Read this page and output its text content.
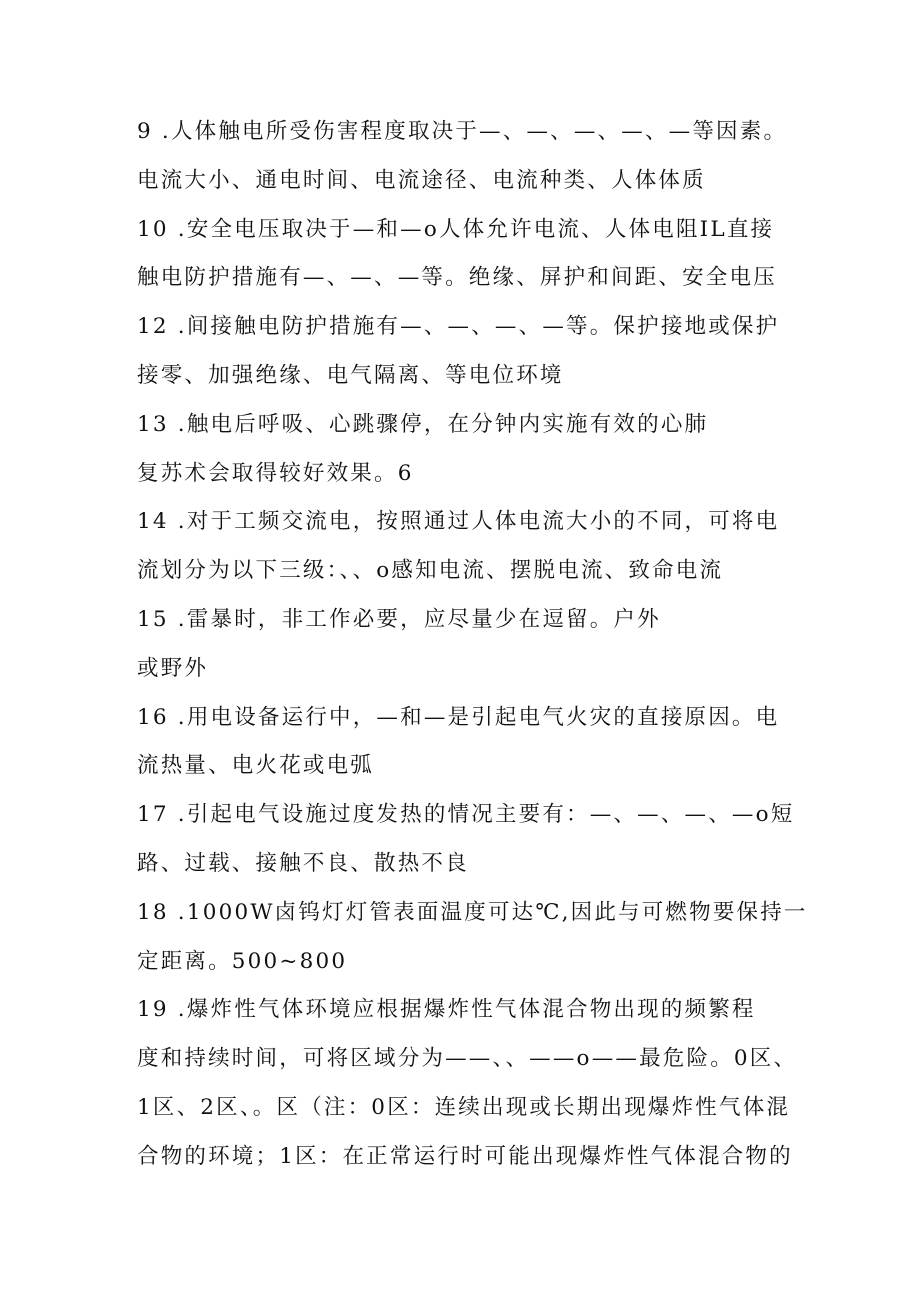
9 .人体触电所受伤害程度取决于—、—、—、—、—等因素。
电流大小、通电时间、电流途径、电流种类、人体体质
10 .安全电压取决于—和—o人体允许电流、人体电阻IL直接
触电防护措施有—、—、—等。绝缘、屏护和间距、安全电压
12 .间接触电防护措施有—、—、—、—等。保护接地或保护
接零、加强绝缘、电气隔离、等电位环境
13 .触电后呼吸、心跳骤停，在分钟内实施有效的心肺
复苏术会取得较好效果。6
14 .对于工频交流电，按照通过人体电流大小的不同，可将电
流划分为以下三级：、、o感知电流、摆脱电流、致命电流
15 .雷暴时，非工作必要，应尽量少在逗留。户外
或野外
16 .用电设备运行中，—和—是引起电气火灾的直接原因。电
流热量、电火花或电弧
17 .引起电气设施过度发热的情况主要有：—、—、—、—o短
路、过载、接触不良、散热不良
18 .1000W卤钨灯灯管表面温度可达℃,因此与可燃物要保持一
定距离。500~800
19 .爆炸性气体环境应根据爆炸性气体混合物出现的频繁程
度和持续时间，可将区域分为——、、——o——最危险。0区、
1区、2区、。区（注：0区：连续出现或长期出现爆炸性气体混
合物的环境；1区：在正常运行时可能出现爆炸性气体混合物的
